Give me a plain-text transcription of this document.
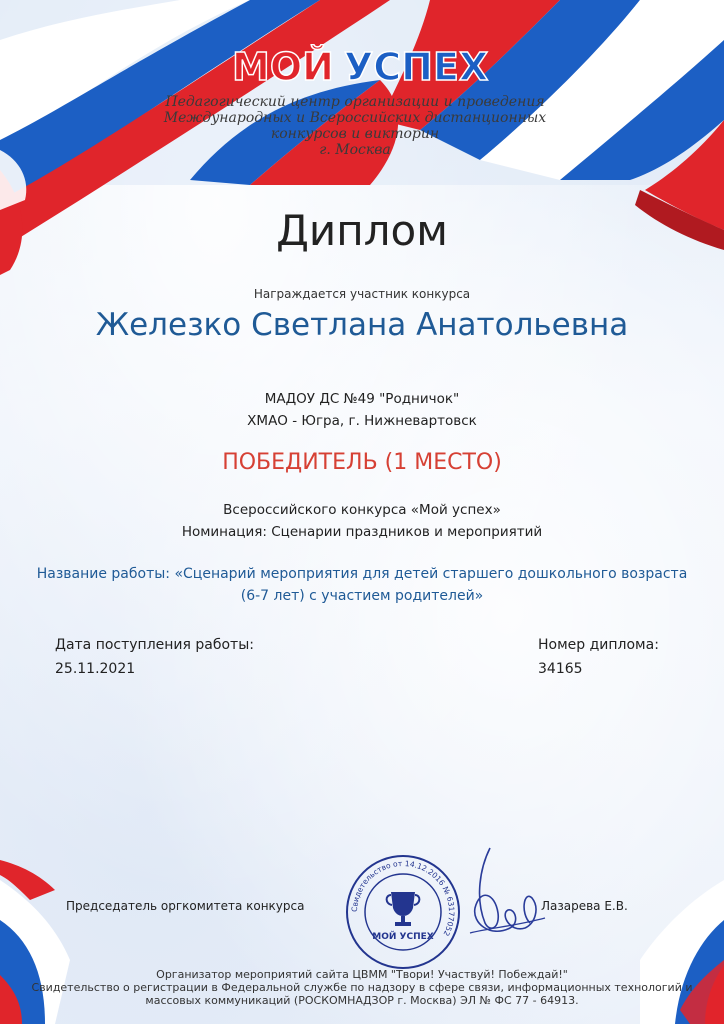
МОЙ УСПЕХ
Педагогический центр организации и проведения
Международных и Всероссийских дистанционных
конкурсов и викторин
г. Москва
Диплом
Награждается участник конкурса
Железко Светлана Анатольевна
МАДОУ ДС №49 "Родничок"
ХМАО - Югра, г. Нижневартовск
ПОБЕДИТЕЛЬ (1 МЕСТО)
Всероссийского конкурса «Мой успех»
Номинация: Сценарии праздников и мероприятий
Название работы: «Сценарий мероприятия для детей старшего дошкольного возраста
(6-7 лет) с участием родителей»
Дата поступления работы:
25.11.2021
Номер диплома:
34165
Председатель оргкомитета конкурса	Свидетельство от 14.12.2016 № 63177052
МОЙ УСПЕХ
Лазарева Е.В.
Организатор мероприятий сайта ЦВММ "Твори! Участвуй! Побеждай!"
Свидетельство о регистрации в Федеральной службе по надзору в сфере связи, информационных технологий и
массовых коммуникаций (РОСКОМНАДЗОР г. Москва) ЭЛ № ФС 77 - 64913.
